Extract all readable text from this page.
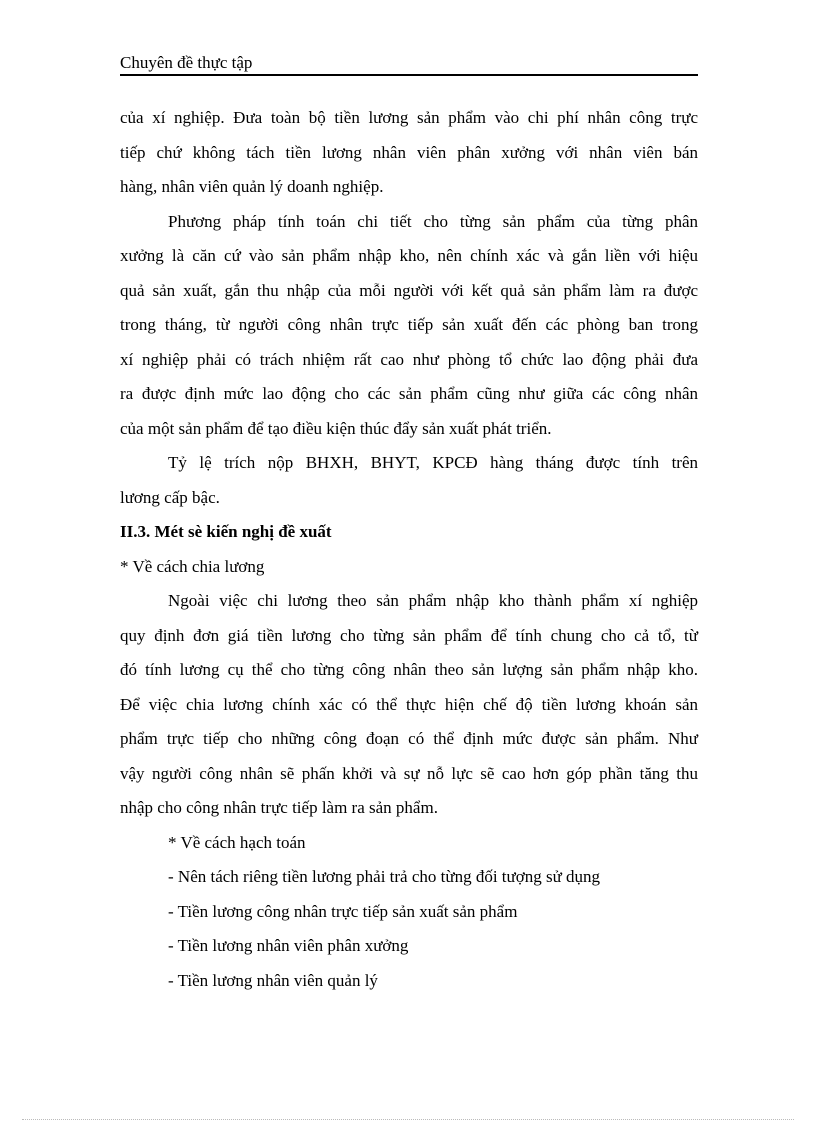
Chuyên đề thực tập

của xí nghiệp. Đưa toàn bộ tiền lương sản phẩm vào chi phí nhân công trực

tiếp chứ không tách tiền lương nhân viên phân xưởng với nhân viên bán

hàng, nhân viên quản lý doanh nghiệp.

Phương pháp tính toán chi tiết cho từng sản phẩm của từng phân

xưởng là căn cứ vào sản phẩm nhập kho, nên chính xác và gắn liền với hiệu

quả sản xuất, gắn thu nhập của mỗi người với kết quả sản phẩm làm ra được

trong tháng, từ người công nhân trực tiếp sản xuất đến các phòng ban trong

xí nghiệp phải có trách nhiệm rất cao như phòng tổ chức lao động phải đưa

ra được định mức lao động cho các sản phẩm cũng như giữa các công nhân

của một sản phẩm để tạo điều kiện thúc đẩy sản xuất phát triển.

Tỷ lệ trích nộp BHXH, BHYT, KPCĐ hàng tháng được tính trên

lương cấp bậc.

II.3. Mét sè kiến nghị đề xuất

* Về cách chia lương

Ngoài việc chi lương theo sản phẩm nhập kho thành phẩm xí nghiệp

quy định đơn giá tiền lương cho từng sản phẩm để tính chung cho cả tổ, từ

đó tính lương cụ thể cho từng công nhân theo sản lượng sản phẩm nhập kho.

Để việc chia lương chính xác có thể thực hiện chế độ tiền lương khoán sản

phẩm trực tiếp cho những công đoạn có thể định mức được sản phẩm. Như

vậy người công nhân sẽ phấn khởi và sự nỗ lực sẽ cao hơn góp phần tăng thu

nhập cho công nhân trực tiếp làm ra sản phẩm.

* Về cách hạch toán

- Nên tách riêng tiền lương phải trả cho từng đối tượng sử dụng

- Tiền lương công nhân trực tiếp sản xuất sản phẩm

- Tiền lương nhân viên phân xưởng

- Tiền lương nhân viên quản lý
